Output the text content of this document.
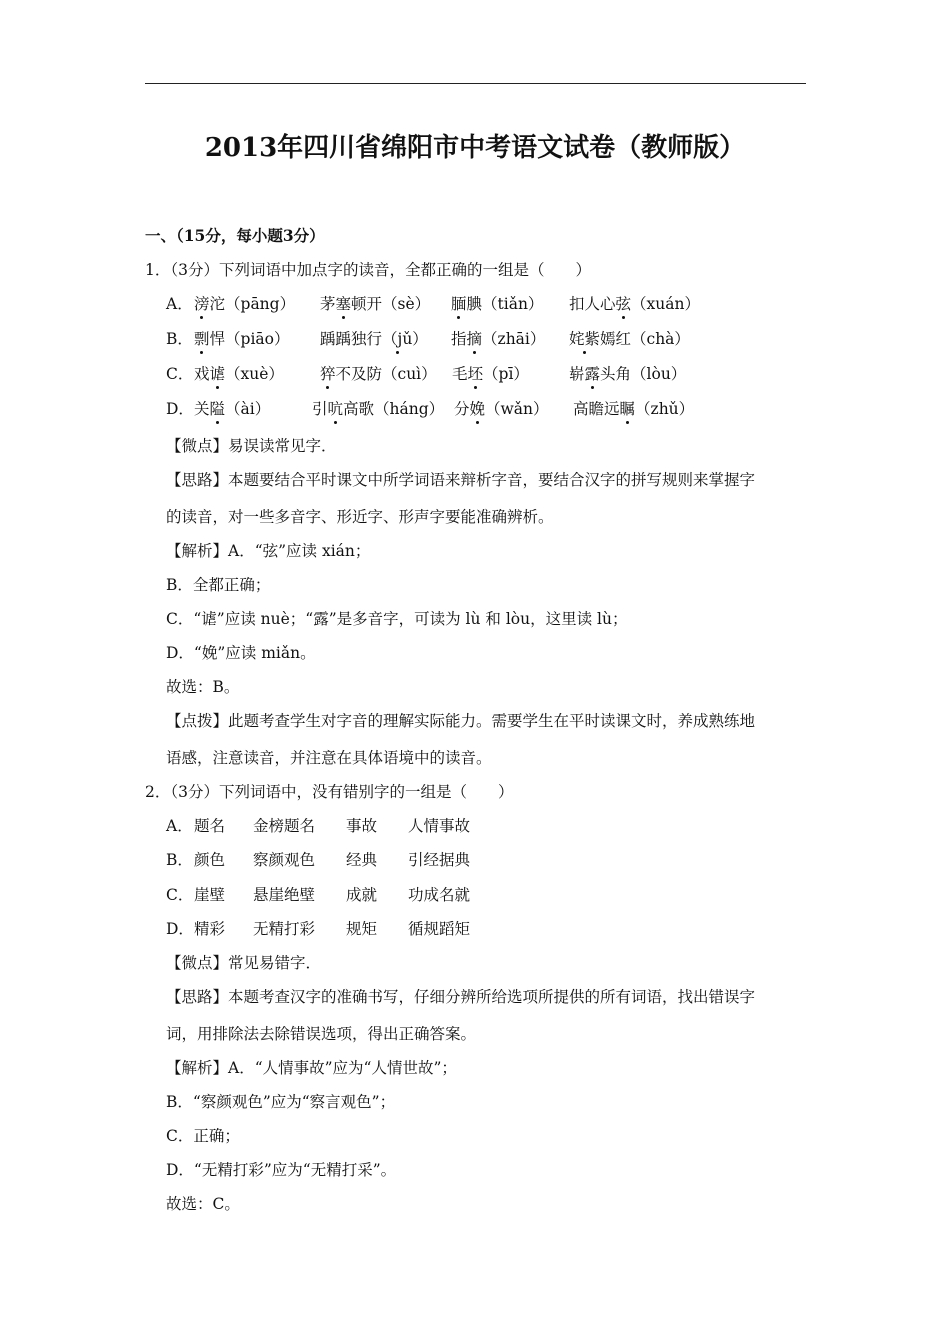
2013年四川省绵阳市中考语文试卷（教师版）
一、（15分，每小题3分）
1．（3分）下列词语中加点字的读音，全都正确的一组是（　　）
A． 滂沱（pāng） 茅塞顿开（sè） 腼腆（tiǎn） 扣人心弦（xuán）
B． 剽悍（piāo） 踽踽独行（jǔ） 指摘（zhāi） 姹紫嫣红（chà）
C． 戏谑（xuè） 猝不及防（cuì） 毛坯（pī）	崭露头角（lòu）
D． 关隘（ài）	引吭高歌（háng） 分娩（wǎn） 高瞻远瞩（zhǔ）
【微点】易误读常见字．
【思路】本题要结合平时课文中所学词语来辩析字音，要结合汉字的拼写规则来掌握字
的读音，对一些多音字、形近字、形声字要能准确辨析。
【解析】A．“弦”应读 xián；
B．全都正确；
C．“谑”应读 nuè；“露”是多音字，可读为 lù 和 lòu，这里读 lù；
D．“娩”应读 miǎn。
故选：B。
【点拨】此题考查学生对字音的理解实际能力。需要学生在平时读课文时，养成熟练地
语感，注意读音，并注意在具体语境中的读音。
2．（3分）下列词语中，没有错别字的一组是（　　）
A． 题名 金榜题名 事故 人情事故
B． 颜色 察颜观色 经典 引经据典
C． 崖壁 悬崖绝壁 成就 功成名就
D． 精彩 无精打彩 规矩 循规蹈矩
【微点】常见易错字．
【思路】本题考查汉字的准确书写，仔细分辨所给选项所提供的所有词语，找出错误字
词，用排除法去除错误选项，得出正确答案。
【解析】A．“人情事故”应为“人情世故”；
B．“察颜观色”应为“察言观色”；
C．正确；
D．“无精打彩”应为“无精打采”。
故选：C。
